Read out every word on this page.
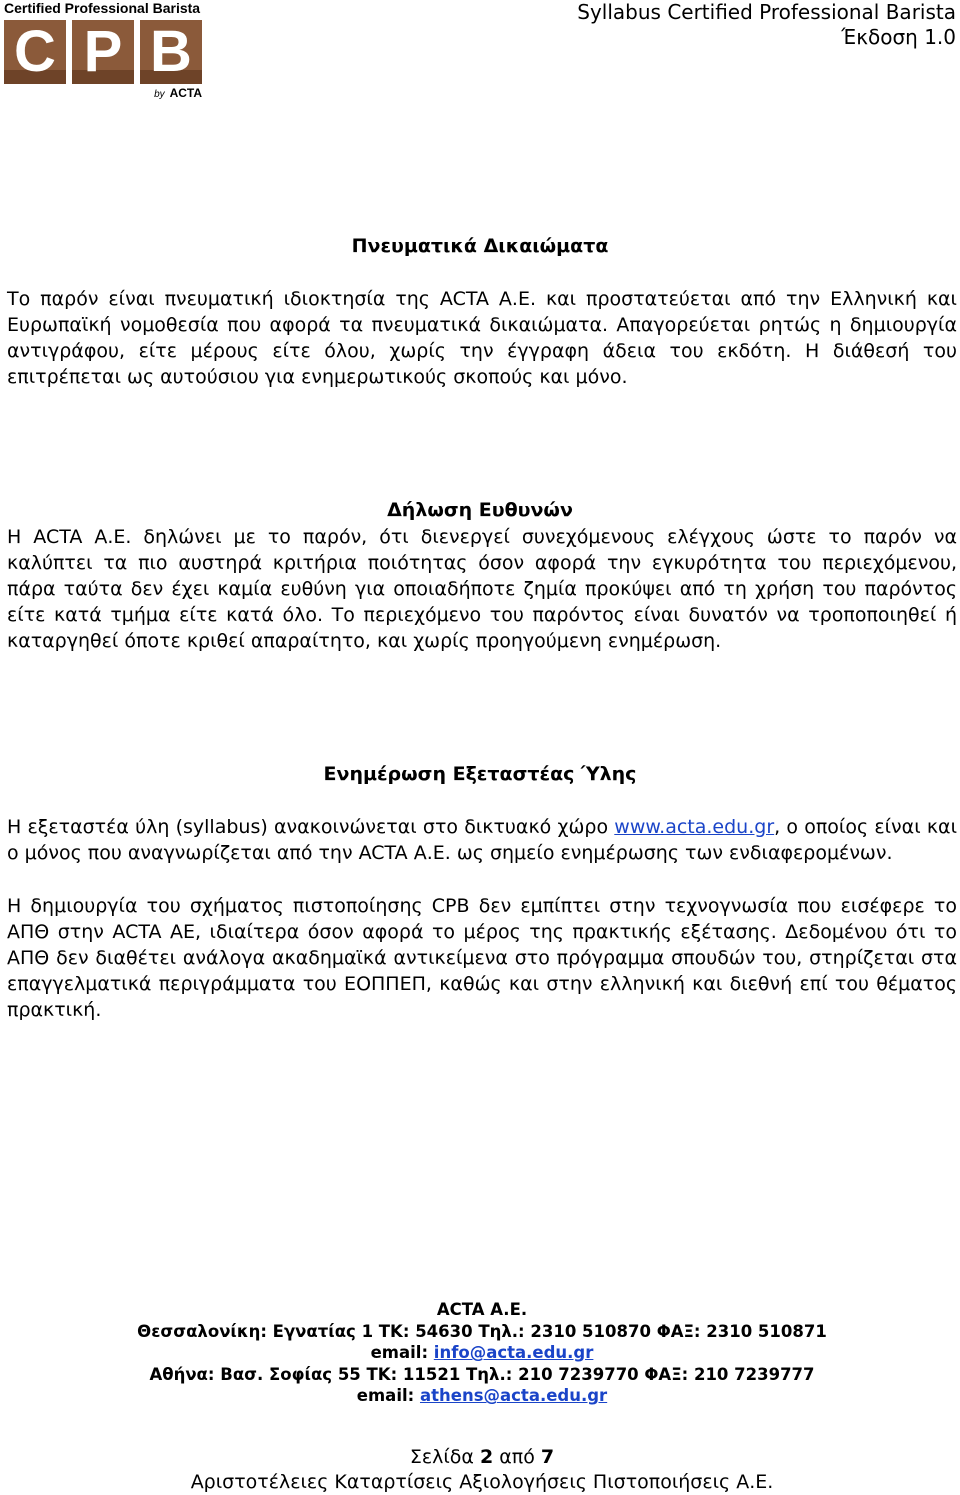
Certified Professional Barista
C P B
by ACTA
Syllabus Certified Professional Barista
Έκδοση 1.0
Πνευματικά Δικαιώματα

Το παρόν είναι πνευματική ιδιοκτησία της ACTA Α.Ε. και προστατεύεται από την Ελληνική και Ευρωπαϊκή νομοθεσία που αφορά τα πνευματικά δικαιώματα. Απαγορεύεται ρητώς η δημιουργία αντιγράφου, είτε μέρους είτε όλου, χωρίς την έγγραφη άδεια του εκδότη. Η διάθεσή του επιτρέπεται ως αυτούσιου για ενημερωτικούς σκοπούς και μόνο.

Δήλωση Ευθυνών

Η ACTA Α.Ε. δηλώνει με το παρόν, ότι διενεργεί συνεχόμενους ελέγχους ώστε το παρόν να καλύπτει τα πιο αυστηρά κριτήρια ποιότητας όσον αφορά την εγκυρότητα του περιεχόμενου, πάρα ταύτα δεν έχει καμία ευθύνη για οποιαδήποτε ζημία προκύψει από τη χρήση του παρόντος είτε κατά τμήμα είτε κατά όλο. Το περιεχόμενο του παρόντος είναι δυνατόν να τροποποιηθεί ή καταργηθεί όποτε κριθεί απαραίτητο, και χωρίς προηγούμενη ενημέρωση.

Ενημέρωση Εξεταστέας Ύλης

Η εξεταστέα ύλη (syllabus) ανακοινώνεται στο δικτυακό χώρο www.acta.edu.gr, ο οποίος είναι και ο μόνος που αναγνωρίζεται από την ACTA Α.Ε. ως σημείο ενημέρωσης των ενδιαφερομένων.

Η δημιουργία του σχήματος πιστοποίησης CPB δεν εμπίπτει στην τεχνογνωσία που εισέφερε το ΑΠΘ στην ACTA ΑΕ, ιδιαίτερα όσον αφορά το μέρος της πρακτικής εξέτασης. Δεδομένου ότι το ΑΠΘ δεν διαθέτει ανάλογα ακαδημαϊκά αντικείμενα στο πρόγραμμα σπουδών του, στηρίζεται στα επαγγελματικά περιγράμματα του ΕΟΠΠΕΠ, καθώς και στην ελληνική και διεθνή επί του θέματος πρακτική.

ACTA A.E.
Θεσσαλονίκη: Εγνατίας 1 ΤΚ: 54630 Τηλ.: 2310 510870 ΦΑΞ: 2310 510871
email: info@acta.edu.gr
Αθήνα: Βασ. Σοφίας 55 ΤΚ: 11521 Τηλ.: 210 7239770 ΦΑΞ: 210 7239777
email: athens@acta.edu.gr
Σελίδα 2 από 7
Αριστοτέλειες Καταρτίσεις Αξιολογήσεις Πιστοποιήσεις Α.Ε.
